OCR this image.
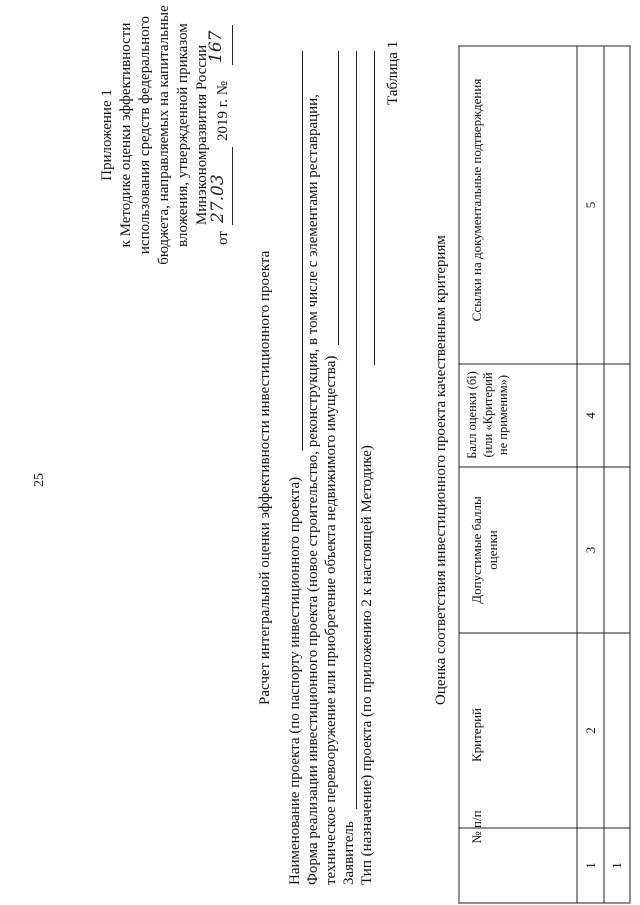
25
Приложение 1 к Методике оценки эффективности использования средств федерального бюджета, направляемых на капитальные вложения, утвержденной приказом Минэкономразвития России
от
27.03
2019 г. №
167	Таблица 1
Расчет интегральной оценки эффективности инвестиционного проекта Наименование проекта (по паспорту инвестиционного проекта) Форма реализации инвестиционного проекта (новое строительство, реконструкция, в том числе с элементами реставрации, техническое перевооружение или приобретение объекта недвижимого имущества) Заявитель Тип (назначение) проекта (по приложению 2 к настоящей Методике)	Оценка соответствия инвестиционного проекта качественным критериям
№ п/п
Критерий
Допустимые баллы оценки
Балл оценки (бi) (или «Критерий не применим»)
Ссылки на документальные подтверждения
1
2
3
4
5
1
